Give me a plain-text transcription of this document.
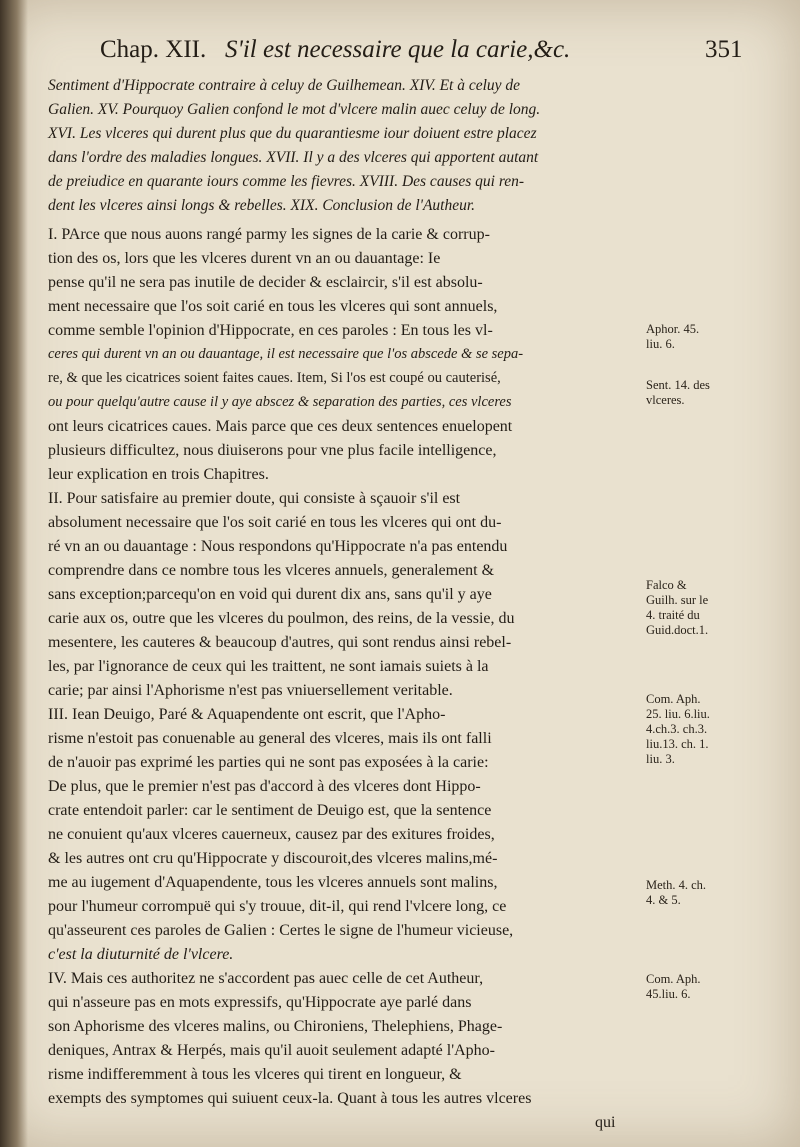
Chap. XII. S'il est necessaire que la carie,&c.	351
Sentiment d'Hippocrate contraire à celuy de Guilhemean. XIV. Et à celuy de
Galien. XV. Pourquoy Galien confond le mot d'vlcere malin auec celuy de long.
XVI. Les vlceres qui durent plus que du quarantiesme iour doiuent estre placez
dans l'ordre des maladies longues. XVII. Il y a des vlceres qui apportent autant
de preiudice en quarante iours comme les fievres. XVIII. Des causes qui ren-
dent les vlceres ainsi longs & rebelles. XIX. Conclusion de l'Autheur.
I. PArce que nous auons rangé parmy les signes de la carie & corrup-
tion des os, lors que les vlceres durent vn an ou dauantage: Ie
pense qu'il ne sera pas inutile de decider & esclaircir, s'il est absolu-
ment necessaire que l'os soit carié en tous les vlceres qui sont annuels,
comme semble l'opinion d'Hippocrate, en ces paroles : En tous les vl-
ceres qui durent vn an ou dauantage, il est necessaire que l'os abscede & se sepa-
re, & que les cicatrices soient faites caues. Item, Si l'os est coupé ou cauterisé,
ou pour quelqu'autre cause il y aye abscez & separation des parties, ces vlceres
ont leurs cicatrices caues. Mais parce que ces deux sentences enuelopent
plusieurs difficultez, nous diuiserons pour vne plus facile intelligence,
leur explication en trois Chapitres.
II. Pour satisfaire au premier doute, qui consiste à sçauoir s'il est
absolument necessaire que l'os soit carié en tous les vlceres qui ont du-
ré vn an ou dauantage : Nous respondons qu'Hippocrate n'a pas entendu
comprendre dans ce nombre tous les vlceres annuels, generalement &
sans exception;parcequ'on en void qui durent dix ans, sans qu'il y aye
carie aux os, outre que les vlceres du poulmon, des reins, de la vessie, du
mesentere, les cauteres & beaucoup d'autres, qui sont rendus ainsi rebel-
les, par l'ignorance de ceux qui les traittent, ne sont iamais suiets à la
carie; par ainsi l'Aphorisme n'est pas vniuersellement veritable.
III. Iean Deuigo, Paré & Aquapendente ont escrit, que l'Apho-
risme n'estoit pas conuenable au general des vlceres, mais ils ont falli
de n'auoir pas exprimé les parties qui ne sont pas exposées à la carie:
De plus, que le premier n'est pas d'accord à des vlceres dont Hippo-
crate entendoit parler: car le sentiment de Deuigo est, que la sentence
ne conuient qu'aux vlceres cauerneux, causez par des exitures froides,
& les autres ont cru qu'Hippocrate y discouroit,des vlceres malins,mé-
me au iugement d'Aquapendente, tous les vlceres annuels sont malins,
pour l'humeur corrompuë qui s'y trouue, dit-il, qui rend l'vlcere long, ce
qu'asseurent ces paroles de Galien : Certes le signe de l'humeur vicieuse,
c'est la diuturnité de l'vlcere.
IV. Mais ces authoritez ne s'accordent pas auec celle de cet Autheur,
qui n'asseure pas en mots expressifs, qu'Hippocrate aye parlé dans
son Aphorisme des vlceres malins, ou Chironiens, Thelephiens, Phage-
deniques, Antrax & Herpés, mais qu'il auoit seulement adapté l'Apho-
risme indifferemment à tous les vlceres qui tirent en longueur, &
exempts des symptomes qui suiuent ceux-la. Quant à tous les autres vlceres
qui
Aphor. 45.
liu. 6.
Sent. 14. des
vlceres.
Falco &
Guilh. sur le
4. traité du
Guid.doct.1.
Com. Aph.
25. liu. 6.liu.
4.ch.3. ch.3.
liu.13. ch. 1.
liu. 3.
Meth. 4. ch.
4. & 5.
Com. Aph.
45.liu. 6.
